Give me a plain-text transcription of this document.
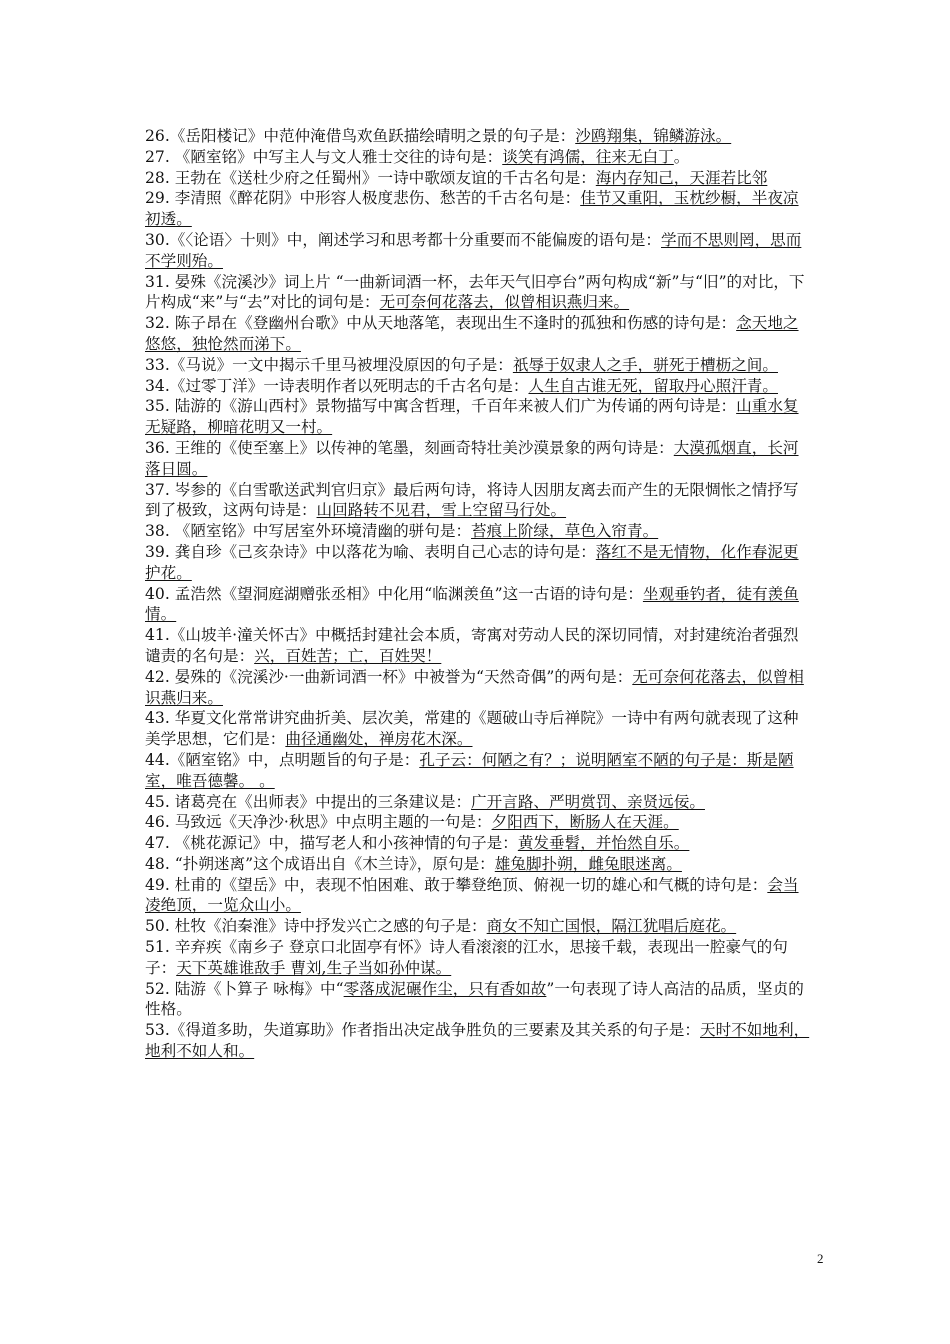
26.《岳阳楼记》中范仲淹借鸟欢鱼跃描绘晴明之景的句子是：沙鸥翔集，锦鳞游泳。

27. 《陋室铭》中写主人与文人雅士交往的诗句是：谈笑有鸿儒，往来无白丁。

28. 王勃在《送杜少府之任蜀州》一诗中歌颂友谊的千古名句是：海内存知己，天涯若比邻

29. 李清照《醉花阴》中形容人极度悲伤、愁苦的千古名句是：佳节又重阳，玉枕纱橱，半夜凉初透。

30.《〈论语〉十则》中，阐述学习和思考都十分重要而不能偏废的语句是：学而不思则罔，思而不学则殆。

31. 晏殊《浣溪沙》词上片 “一曲新词酒一杯，去年天气旧亭台”两句构成“新”与“旧”的对比，下片构成“来”与“去”对比的词句是：无可奈何花落去，似曾相识燕归来。

32. 陈子昂在《登幽州台歌》中从天地落笔，表现出生不逢时的孤独和伤感的诗句是：念天地之悠悠，独怆然而涕下。

33.《马说》一文中揭示千里马被埋没原因的句子是：祇辱于奴隶人之手，骈死于槽枥之间。

34.《过零丁洋》一诗表明作者以死明志的千古名句是：人生自古谁无死，留取丹心照汗青。

35. 陆游的《游山西村》景物描写中寓含哲理，千百年来被人们广为传诵的两句诗是：山重水复无疑路，柳暗花明又一村。

36. 王维的《使至塞上》以传神的笔墨，刻画奇特壮美沙漠景象的两句诗是：大漠孤烟直，长河落日圆。

37. 岑参的《白雪歌送武判官归京》最后两句诗，将诗人因朋友离去而产生的无限惆怅之情抒写到了极致，这两句诗是：山回路转不见君，雪上空留马行处。

38. 《陋室铭》中写居室外环境清幽的骈句是：苔痕上阶绿，草色入帘青。

39. 龚自珍《己亥杂诗》中以落花为喻、表明自己心志的诗句是：落红不是无情物，化作春泥更护花。

40. 孟浩然《望洞庭湖赠张丞相》中化用“临渊羡鱼”这一古语的诗句是：坐观垂钓者，徒有羡鱼情。

41.《山坡羊·潼关怀古》中概括封建社会本质，寄寓对劳动人民的深切同情，对封建统治者强烈谴责的名句是：兴，百姓苦；亡，百姓哭！

42. 晏殊的《浣溪沙·一曲新词酒一杯》中被誉为“天然奇偶”的两句是：无可奈何花落去，似曾相识燕归来。

43. 华夏文化常常讲究曲折美、层次美，常建的《题破山寺后禅院》一诗中有两句就表现了这种美学思想，它们是：曲径通幽处，禅房花木深。

44.《陋室铭》中，点明题旨的句子是：孔子云：何陋之有？；说明陋室不陋的句子是：斯是陋室，唯吾德馨。 。

45. 诸葛亮在《出师表》中提出的三条建议是：广开言路、严明赏罚、亲贤远佞。

46. 马致远《天净沙·秋思》中点明主题的一句是：夕阳西下，断肠人在天涯。

47. 《桃花源记》中，描写老人和小孩神情的句子是：黄发垂髫，并怡然自乐。

48. “扑朔迷离”这个成语出自《木兰诗》，原句是：雄兔脚扑朔，雌兔眼迷离。

49. 杜甫的《望岳》中，表现不怕困难、敢于攀登绝顶、俯视一切的雄心和气概的诗句是：会当凌绝顶，一览众山小。

50. 杜牧《泊秦淮》诗中抒发兴亡之感的句子是：商女不知亡国恨，隔江犹唱后庭花。

51. 辛弃疾《南乡子 登京口北固亭有怀》诗人看滚滚的江水，思接千载，表现出一腔豪气的句子：天下英雄谁敌手 曹刘,生子当如孙仲谋。

52. 陆游《卜算子 咏梅》中“零落成泥碾作尘，只有香如故”一句表现了诗人高洁的品质，坚贞的性格。

53.《得道多助，失道寡助》作者指出决定战争胜负的三要素及其关系的句子是：天时不如地利，地利不如人和。

2
